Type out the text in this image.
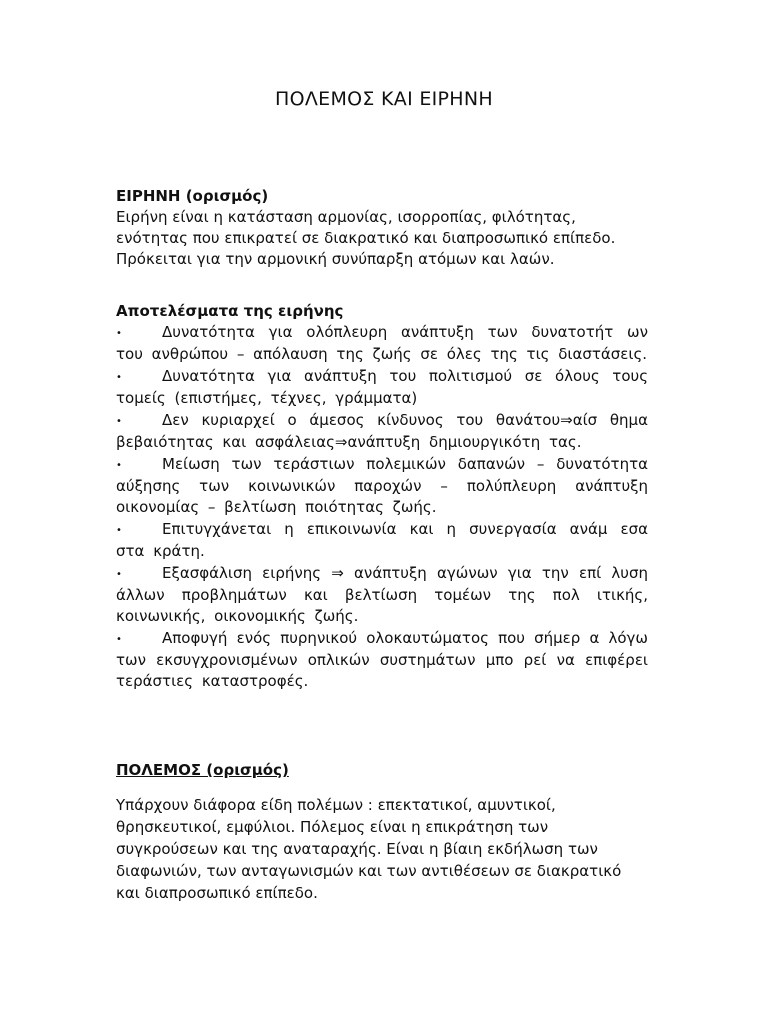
ΠΟΛΕΜΟΣ ΚΑΙ ΕΙΡΗΝΗ

ΕΙΡΗΝΗ (ορισμός)

Ειρήνη είναι η κατάσταση αρμονίας, ισορροπίας, φιλότητας, ενότητας που επικρατεί σε διακρατικό και διαπροσωπικό επίπεδο. Πρόκειται για την αρμονική συνύπαρξη ατόμων και λαών.

Αποτελέσματα της ειρήνης

•	Δυνατότητα για ολόπλευρη ανάπτυξη των δυνατοτήτ ων του ανθρώπου – απόλαυση της ζωής σε όλες της τις διαστάσεις.
•	Δυνατότητα για ανάπτυξη του πολιτισμού σε όλους τους τομείς (επιστήμες, τέχνες, γράμματα)
•	Δεν κυριαρχεί ο άμεσος κίνδυνος του θανάτου⇒αίσ θημα βεβαιότητας και ασφάλειας⇒ανάπτυξη δημιουργικότη τας.
•	Μείωση των τεράστιων πολεμικών δαπανών – δυνατότητα αύξησης των κοινωνικών παροχών – πολύπλευρη ανάπτυξη οικονομίας – βελτίωση ποιότητας ζωής.
•	Επιτυγχάνεται η επικοινωνία και η συνεργασία ανάμ εσα στα κράτη.
•	Εξασφάλιση ειρήνης ⇒ ανάπτυξη αγώνων για την επί λυση άλλων προβλημάτων και βελτίωση τομέων της πολ ιτικής, κοινωνικής, οικονομικής ζωής.
•	Αποφυγή ενός πυρηνικού ολοκαυτώματος που σήμερ α λόγω των εκσυγχρονισμένων οπλικών συστημάτων μπο ρεί να επιφέρει τεράστιες καταστροφές.

ΠΟΛΕΜΟΣ (ορισμός)

Υπάρχουν διάφορα είδη πολέμων : επεκτατικοί, αμυντικοί, θρησκευτικοί, εμφύλιοι. Πόλεμος είναι η επικράτηση των συγκρούσεων και της αναταραχής. Είναι η βίαιη εκδήλωση των διαφωνιών, των ανταγωνισμών και των αντιθέσεων σε διακρατικό και διαπροσωπικό επίπεδο.
